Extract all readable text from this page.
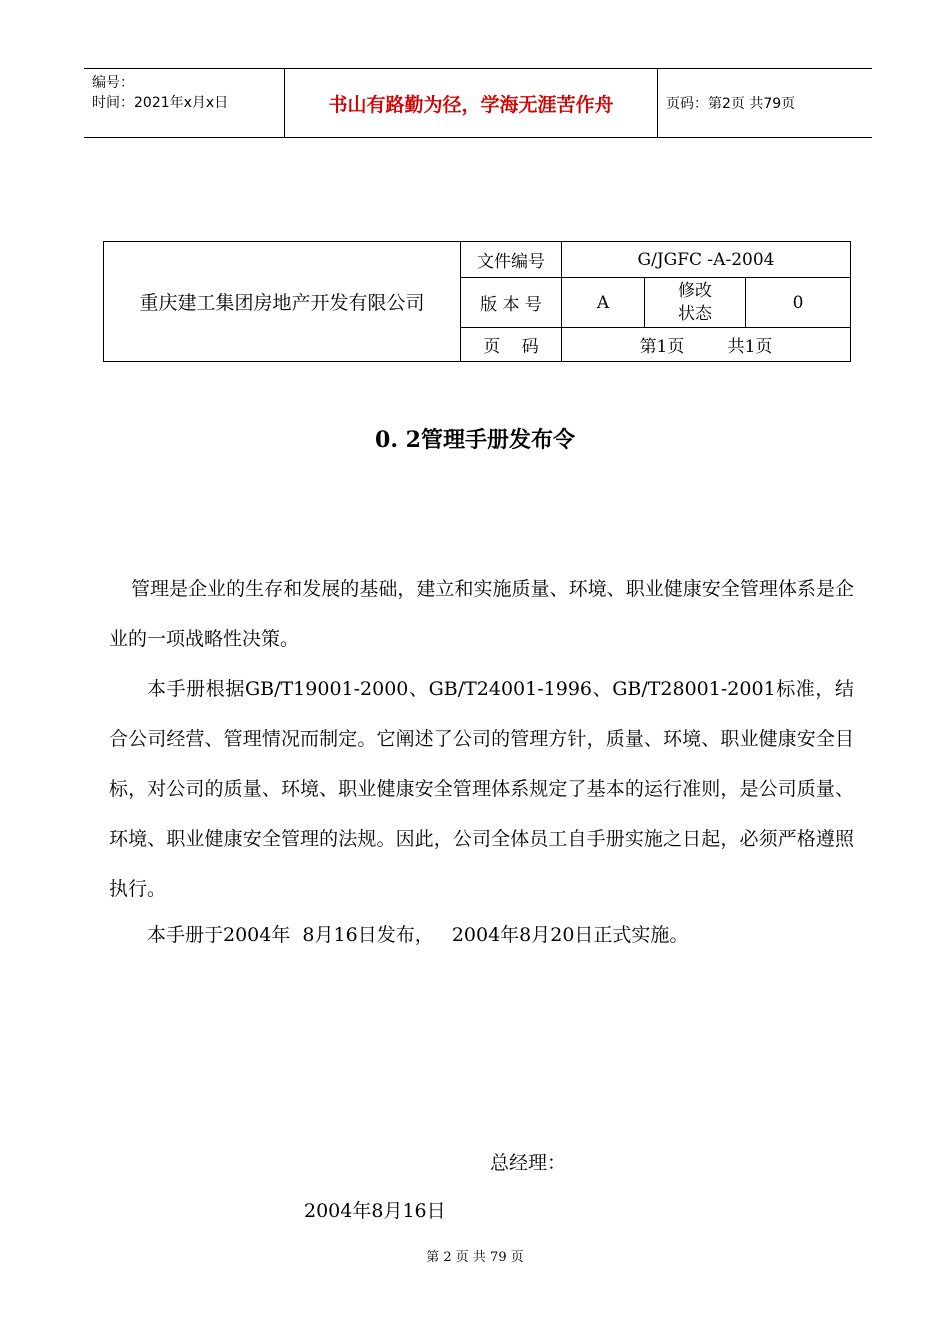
编号：
时间：2021年x月x日	书山有路勤为径，学海无涯苦作舟	页码：第2页 共79页
重庆建工集团房地产开发有限公司	文件编号	G/JGFC -A-2004		
	版 本 号	A	修改
状态	0
	页    码	第1页        共1页		
0. 2管理手册发布令

管理是企业的生存和发展的基础，建立和实施质量、环境、职业健康安全管理体系是企业的一项战略性决策。

本手册根据GB/T19001-2000、GB/T24001-1996、GB/T28001-2001标准，结合公司经营、管理情况而制定。它阐述了公司的管理方针，质量、环境、职业健康安全目标，对公司的质量、环境、职业健康安全管理体系规定了基本的运行准则，是公司质量、环境、职业健康安全管理的法规。因此，公司全体员工自手册实施之日起，必须严格遵照执行。

本手册于2004年  8月16日发布，   2004年8月20日正式实施。

总经理：
2004年8月16日
第 2 页 共 79 页
